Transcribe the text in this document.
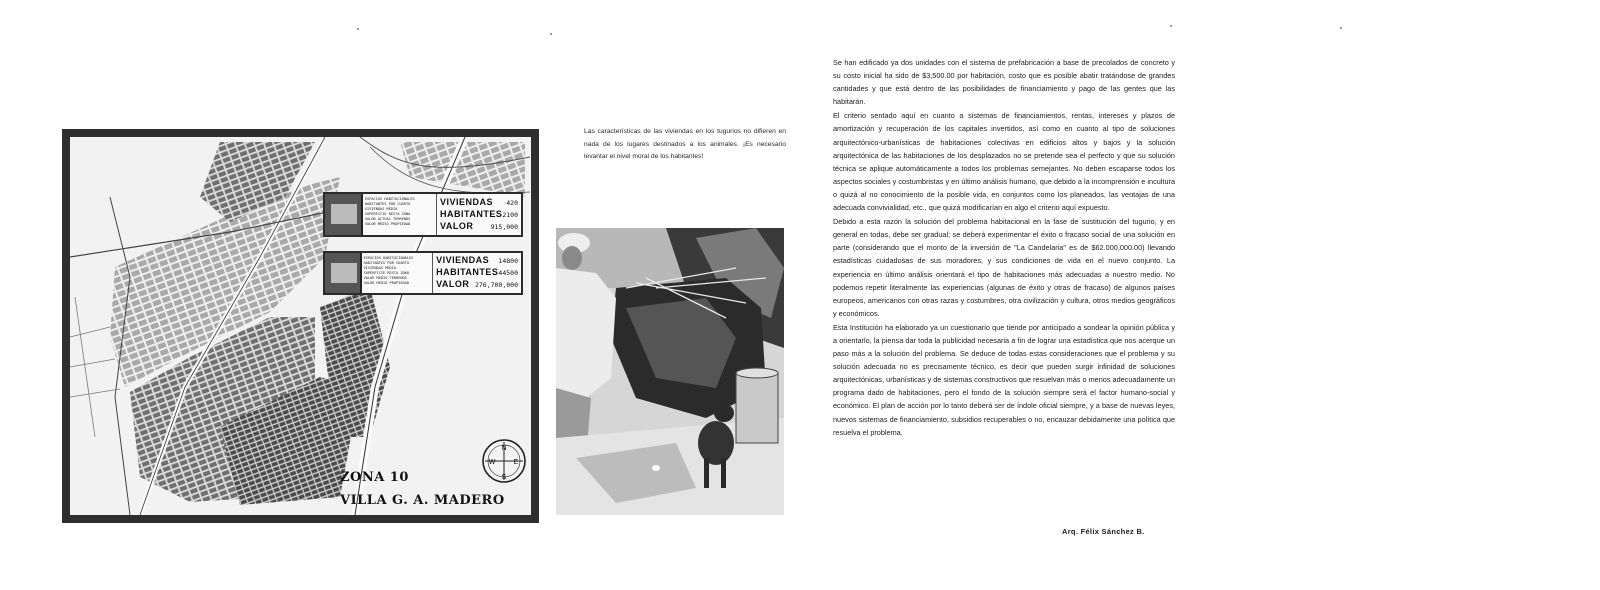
N
S
W	E
ESPACIOS HABITACIONALES
HABITANTES POR CUARTO
VIVIENDAS MEDIA
SUPERFICIE RESTA ZONA
VALOR ACTUAL TERRENOS
VALOR MEDIO PROPIEDAD
VIVIENDAS 420
HABITANTES 2100
VALOR	915,000
ESPACIOS HABITACIONALES
HABITANTES POR CUARTO
VIVIENDAS MEDIA
SUPERFICIE RESTA ZONA
VALOR MEDIO TERRENOS
VALOR MEDIO PROPIEDAD
VIVIENDAS 14800
HABITANTES 44500
VALOR 276,700,000
ZONA 10
VILLA G. A. MADERO

Las características de las viviendas en los tugurios no difieren en nada de los lugares destinados a los animales. ¡Es necesario levantar el nivel moral de los habitantes!

Se han edificado ya dos unidades con el sistema de prefabricación a base de precolados de concreto y su costo inicial ha sido de $3,500.00 por habitación, costo que es posible abatir tratándose de grandes cantidades y que está dentro de las posibilidades de financiamiento y pago de las gentes que las habitarán.

El criterio sentado aquí en cuanto a sistemas de financiamientos, rentas, intereses y plazos de amortización y recuperación de los capitales invertidos, así como en cuanto al tipo de soluciones arquitectónico-urbanísticas de habitaciones colectivas en edificios altos y bajos y la solución arquitectónica de las habitaciones de los desplazados no se pretende sea el perfecto y que su solución técnica se aplique automáticamente a todos los problemas semejantes. No deben escaparse todos los aspectos sociales y costumbristas y en último análisis humano, que debido a la incomprensión e incultura o quizá al no conocimiento de la posible vida, en conjuntos como los planeados, las ventajas de una adecuada convivialidad, etc., que quizá modificarían en algo el criterio aquí expuesto.

Debido a esta razón la solución del problema habitacional en la fase de sustitución del tugurio, y en general en todas, debe ser gradual; se deberá experimentar el éxito o fracaso social de una solución en parte (considerando que el monto de la inversión de "La Candelaria" es de $62.000,000.00) llevando estadísticas cuidadosas de sus moradores, y sus condiciones de vida en el nuevo conjunto. La experiencia en último análisis orientará el tipo de habitaciones más adecuadas a nuestro medio. No podemos repetir literalmente las experiencias (algunas de éxito y otras de fracaso) de algunos países europeos, americanos con otras razas y costumbres, otra civilización y cultura, otros medios geográficos y económicos.

Esta Institución ha elaborado ya un cuestionario que tiende por anticipado a sondear la opinión pública y a orientarlo, la piensa dar toda la publicidad necesaria a fin de lograr una estadística que nos acerque un paso más a la solución del problema. Se deduce de todas estas consideraciones que el problema y su solución adecuada no es precisamente técnico, es decir que pueden surgir infinidad de soluciones arquitectónicas, urbanísticas y de sistemas constructivos que resuelvan más o menos adecuadamente un programa dado de habitaciones, pero el fondo de la solución siempre será el factor humano-social y económico. El plan de acción por lo tanto deberá ser de índole oficial siempre, y a base de nuevas leyes, nuevos sistemas de financiamiento, subsidios recuperables o no, encauzar debidamente una política que resuelva el problema.

Arq. Félix Sánchez B.
